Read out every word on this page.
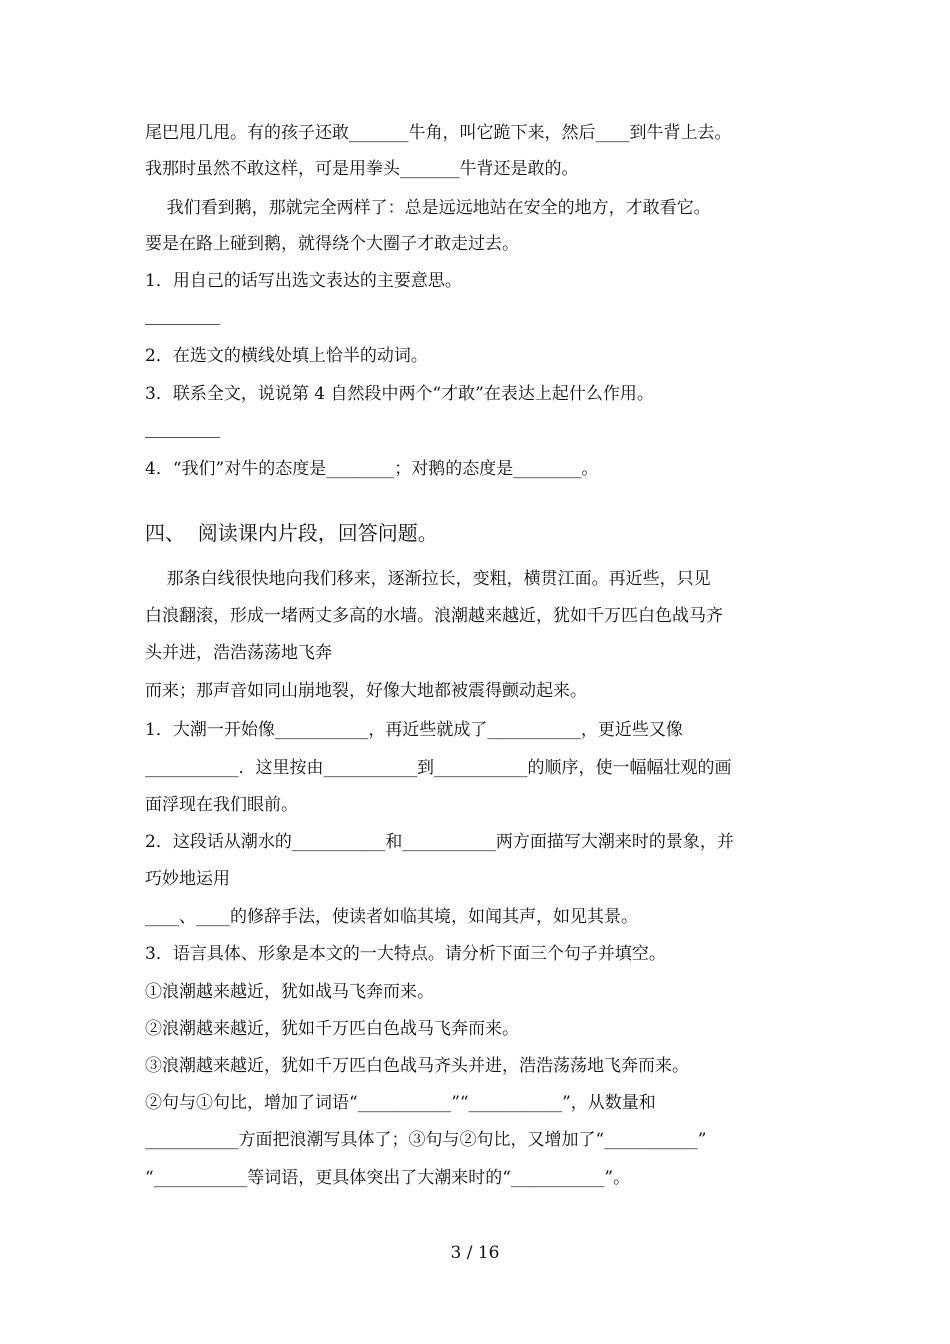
尾巴甩几甩。有的孩子还敢_______牛角，叫它跪下来，然后____到牛背上去。
我那时虽然不敢这样，可是用拳头_______牛背还是敢的。
我们看到鹅，那就完全两样了：总是远远地站在安全的地方，才敢看它。
要是在路上碰到鹅，就得绕个大圈子才敢走过去。
1．用自己的话写出选文表达的主要意思。
2．在选文的横线处填上恰半的动词。
3．联系全文，说说第 4 自然段中两个“才敢”在表达上起什么作用。
4．“我们”对牛的态度是________；对鹅的态度是________。
四、  阅读课内片段，回答问题。
那条白线很快地向我们移来，逐渐拉长，变粗，横贯江面。再近些，只见
白浪翻滚，形成一堵两丈多高的水墙。浪潮越来越近，犹如千万匹白色战马齐
头并进，浩浩荡荡地飞奔
而来；那声音如同山崩地裂，好像大地都被震得颤动起来。
1．大潮一开始像___________，再近些就成了___________，更近些又像
___________．这里按由___________到___________的顺序，使一幅幅壮观的画
面浮现在我们眼前。
2．这段话从潮水的___________和___________两方面描写大潮来时的景象，并
巧妙地运用
____、____的修辞手法，使读者如临其境，如闻其声，如见其景。
3．语言具体、形象是本文的一大特点。请分析下面三个句子并填空。
①浪潮越来越近，犹如战马飞奔而来。
②浪潮越来越近，犹如千万匹白色战马飞奔而来。
③浪潮越来越近，犹如千万匹白色战马齐头并进，浩浩荡荡地飞奔而来。
②句与①句比，增加了词语“___________”“___________”，从数量和
___________方面把浪潮写具体了；③句与②句比，又增加了“___________”
“___________等词语，更具体突出了大潮来时的“___________”。
3 / 16
